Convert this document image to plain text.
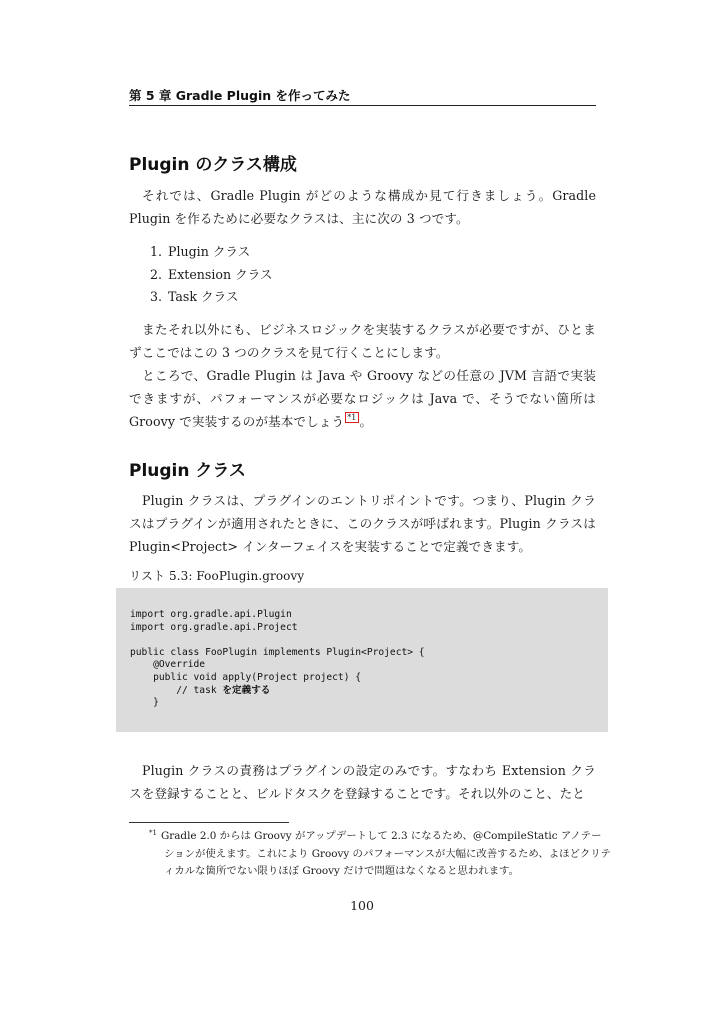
第 5 章 Gradle Plugin を作ってみた
Plugin のクラス構成

それでは、Gradle Plugin がどのような構成か見て行きましょう。Gradle Plugin を作るために必要なクラスは、主に次の 3 つです。

1. Plugin クラス
2. Extension クラス
3. Task クラス

またそれ以外にも、ビジネスロジックを実装するクラスが必要ですが、ひとまずここではこの 3 つのクラスを見て行くことにします。

ところで、Gradle Plugin は Java や Groovy などの任意の JVM 言語で実装できますが、パフォーマンスが必要なロジックは Java で、そうでない箇所は Groovy で実装するのが基本でしょう *1 。

Plugin クラス

Plugin クラスは、プラグインのエントリポイントです。つまり、Plugin クラスはプラグインが適用されたときに、このクラスが呼ばれます。Plugin クラスは Plugin<Project> インターフェイスを実装することで定義できます。

リスト 5.3: FooPlugin.groovy
import org.gradle.api.Plugin
import org.gradle.api.Project

public class FooPlugin implements Plugin<Project> {
@Override
public void apply(Project project) {
// task を定義する
}

Plugin クラスの責務はプラグインの設定のみです。すなわち Extension クラスを登録することと、ビルドタスクを登録することです。それ以外のこと、たと

$^{*1}$ Gradle 2.0 からは Groovy がアップデートして 2.3 になるため、@CompileStatic アノテーションが使えます。これにより Groovy のパフォーマンスが大幅に改善するため、よほどクリティカルな箇所でない限りほぼ Groovy だけで問題はなくなると思われます。
100
